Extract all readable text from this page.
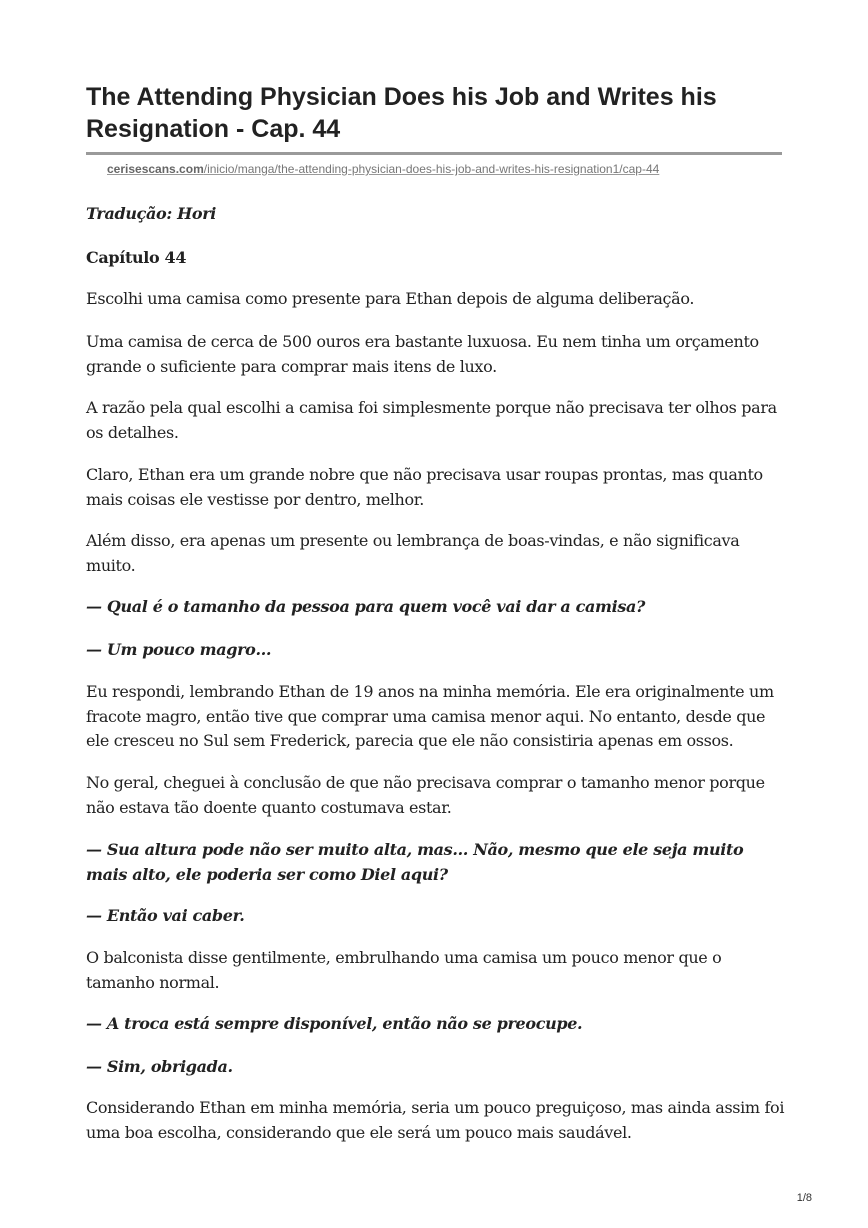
The Attending Physician Does his Job and Writes his Resignation - Cap. 44
cerisescans.com/inicio/manga/the-attending-physician-does-his-job-and-writes-his-resignation1/cap-44

Tradução: Hori

Capítulo 44

Escolhi uma camisa como presente para Ethan depois de alguma deliberação.

Uma camisa de cerca de 500 ouros era bastante luxuosa. Eu nem tinha um orçamento grande o suficiente para comprar mais itens de luxo.

A razão pela qual escolhi a camisa foi simplesmente porque não precisava ter olhos para os detalhes.

Claro, Ethan era um grande nobre que não precisava usar roupas prontas, mas quanto mais coisas ele vestisse por dentro, melhor.

Além disso, era apenas um presente ou lembrança de boas-vindas, e não significava muito.

— Qual é o tamanho da pessoa para quem você vai dar a camisa?

— Um pouco magro…

Eu respondi, lembrando Ethan de 19 anos na minha memória. Ele era originalmente um fracote magro, então tive que comprar uma camisa menor aqui. No entanto, desde que ele cresceu no Sul sem Frederick, parecia que ele não consistiria apenas em ossos.

No geral, cheguei à conclusão de que não precisava comprar o tamanho menor porque não estava tão doente quanto costumava estar.

— Sua altura pode não ser muito alta, mas… Não, mesmo que ele seja muito mais alto, ele poderia ser como Diel aqui?

— Então vai caber.

O balconista disse gentilmente, embrulhando uma camisa um pouco menor que o tamanho normal.

— A troca está sempre disponível, então não se preocupe.

— Sim, obrigada.

Considerando Ethan em minha memória, seria um pouco preguiçoso, mas ainda assim foi uma boa escolha, considerando que ele será um pouco mais saudável.

1/8
